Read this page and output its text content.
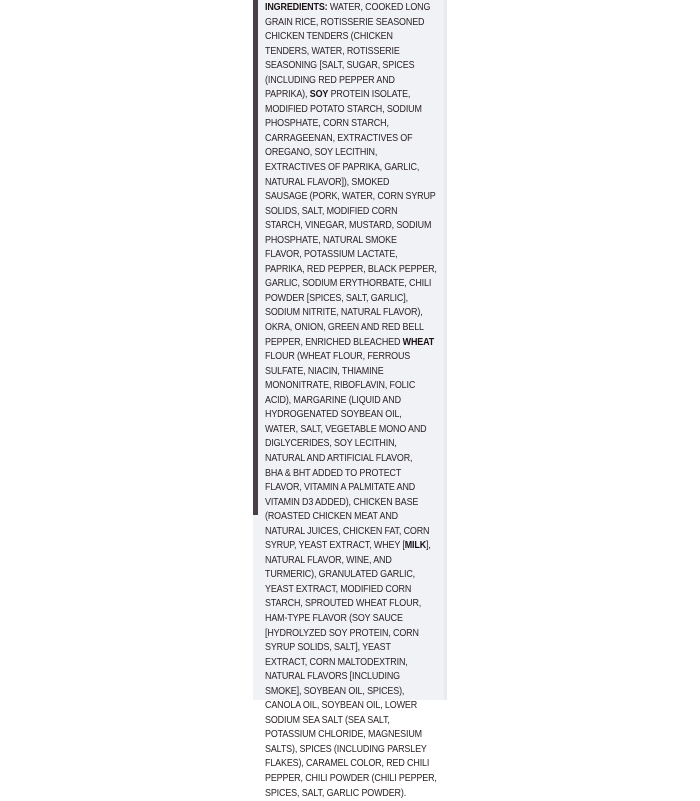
INGREDIENTS: WATER, COOKED LONG
GRAIN RICE, ROTISSERIE SEASONED
CHICKEN TENDERS (CHICKEN
TENDERS, WATER, ROTISSERIE
SEASONING [SALT, SUGAR, SPICES
(INCLUDING RED PEPPER AND
PAPRIKA), SOY PROTEIN ISOLATE,
MODIFIED POTATO STARCH, SODIUM
PHOSPHATE, CORN STARCH,
CARRAGEENAN, EXTRACTIVES OF
OREGANO, SOY LECITHIN,
EXTRACTIVES OF PAPRIKA, GARLIC,
NATURAL FLAVOR]), SMOKED
SAUSAGE (PORK, WATER, CORN SYRUP
SOLIDS, SALT, MODIFIED CORN
STARCH, VINEGAR, MUSTARD, SODIUM
PHOSPHATE, NATURAL SMOKE
FLAVOR, POTASSIUM LACTATE,
PAPRIKA, RED PEPPER, BLACK PEPPER,
GARLIC, SODIUM ERYTHORBATE, CHILI
POWDER [SPICES, SALT, GARLIC],
SODIUM NITRITE, NATURAL FLAVOR),
OKRA, ONION, GREEN AND RED BELL
PEPPER, ENRICHED BLEACHED WHEAT
FLOUR (WHEAT FLOUR, FERROUS
SULFATE, NIACIN, THIAMINE
MONONITRATE, RIBOFLAVIN, FOLIC
ACID), MARGARINE (LIQUID AND
HYDROGENATED SOYBEAN OIL,
WATER, SALT, VEGETABLE MONO AND
DIGLYCERIDES, SOY LECITHIN,
NATURAL AND ARTIFICIAL FLAVOR,
BHA & BHT ADDED TO PROTECT
FLAVOR, VITAMIN A PALMITATE AND
VITAMIN D3 ADDED), CHICKEN BASE
(ROASTED CHICKEN MEAT AND
NATURAL JUICES, CHICKEN FAT, CORN
SYRUP, YEAST EXTRACT, WHEY [MILK],
NATURAL FLAVOR, WINE, AND
TURMERIC), GRANULATED GARLIC,
YEAST EXTRACT, MODIFIED CORN
STARCH, SPROUTED WHEAT FLOUR,
HAM-TYPE FLAVOR (SOY SAUCE
[HYDROLYZED SOY PROTEIN, CORN
SYRUP SOLIDS, SALT], YEAST
EXTRACT, CORN MALTODEXTRIN,
NATURAL FLAVORS [INCLUDING
SMOKE], SOYBEAN OIL, SPICES),
CANOLA OIL, SOYBEAN OIL, LOWER
SODIUM SEA SALT (SEA SALT,
POTASSIUM CHLORIDE, MAGNESIUM
SALTS), SPICES (INCLUDING PARSLEY
FLAKES), CARAMEL COLOR, RED CHILI
PEPPER, CHILI POWDER (CHILI PEPPER,
SPICES, SALT, GARLIC POWDER).
